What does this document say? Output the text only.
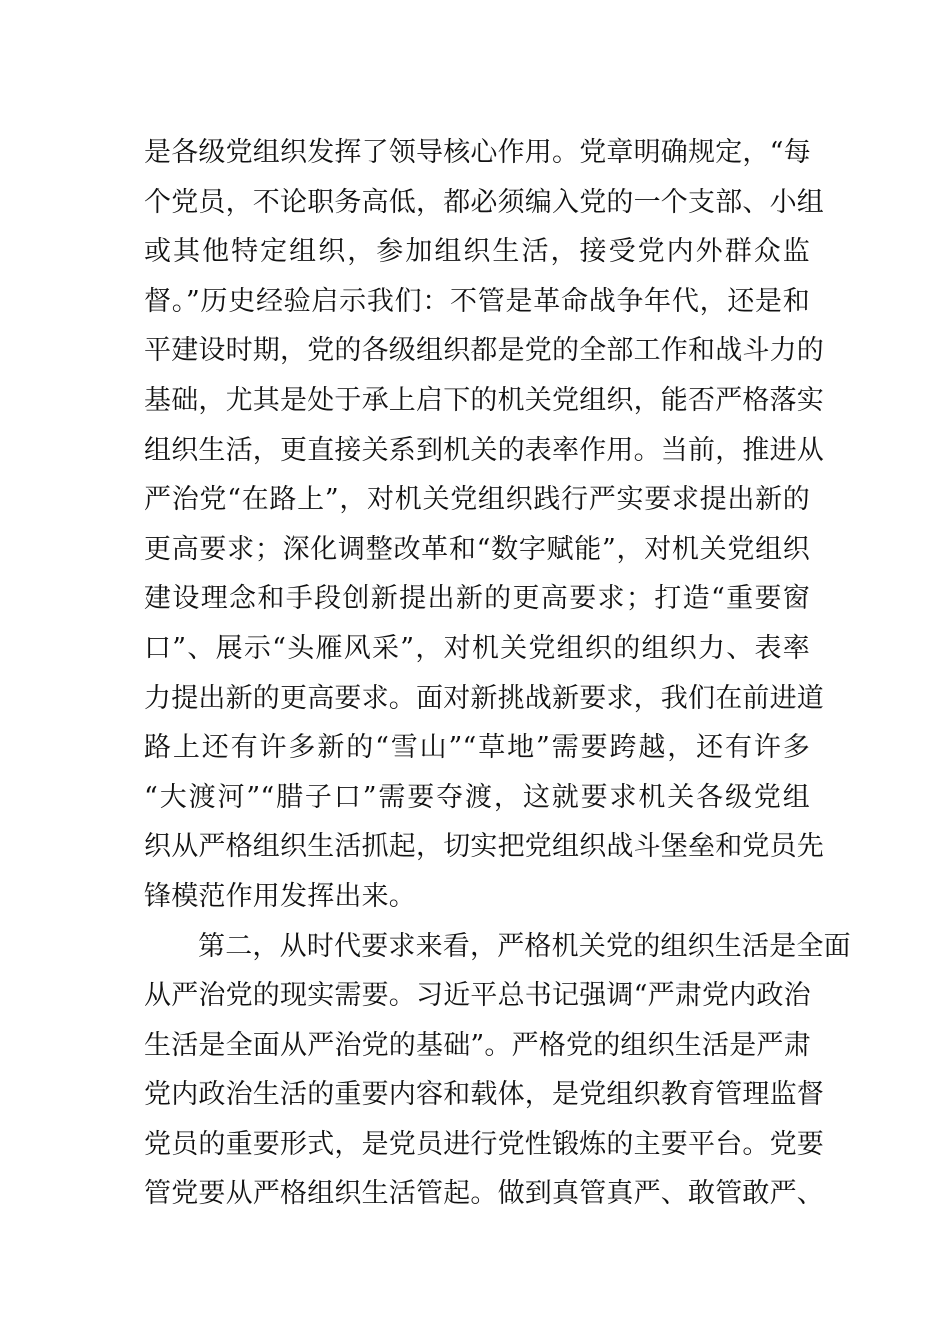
是各级党组织发挥了领导核心作用。党章明确规定，“每
个党员，不论职务高低，都必须编入党的一个支部、小组
或其他特定组织，参加组织生活，接受党内外群众监
督。”历史经验启示我们：不管是革命战争年代，还是和
平建设时期，党的各级组织都是党的全部工作和战斗力的
基础，尤其是处于承上启下的机关党组织，能否严格落实
组织生活，更直接关系到机关的表率作用。当前，推进从
严治党“在路上”，对机关党组织践行严实要求提出新的
更高要求；深化调整改革和“数字赋能”，对机关党组织
建设理念和手段创新提出新的更高要求；打造“重要窗
口”、展示“头雁风采”，对机关党组织的组织力、表率
力提出新的更高要求。面对新挑战新要求，我们在前进道
路上还有许多新的“雪山”“草地”需要跨越，还有许多
“大渡河”“腊子口”需要夺渡，这就要求机关各级党组
织从严格组织生活抓起，切实把党组织战斗堡垒和党员先
锋模范作用发挥出来。
第二，从时代要求来看，严格机关党的组织生活是全面
从严治党的现实需要。习近平总书记强调“严肃党内政治
生活是全面从严治党的基础”。严格党的组织生活是严肃
党内政治生活的重要内容和载体，是党组织教育管理监督
党员的重要形式，是党员进行党性锻炼的主要平台。党要
管党要从严格组织生活管起。做到真管真严、敢管敢严、
